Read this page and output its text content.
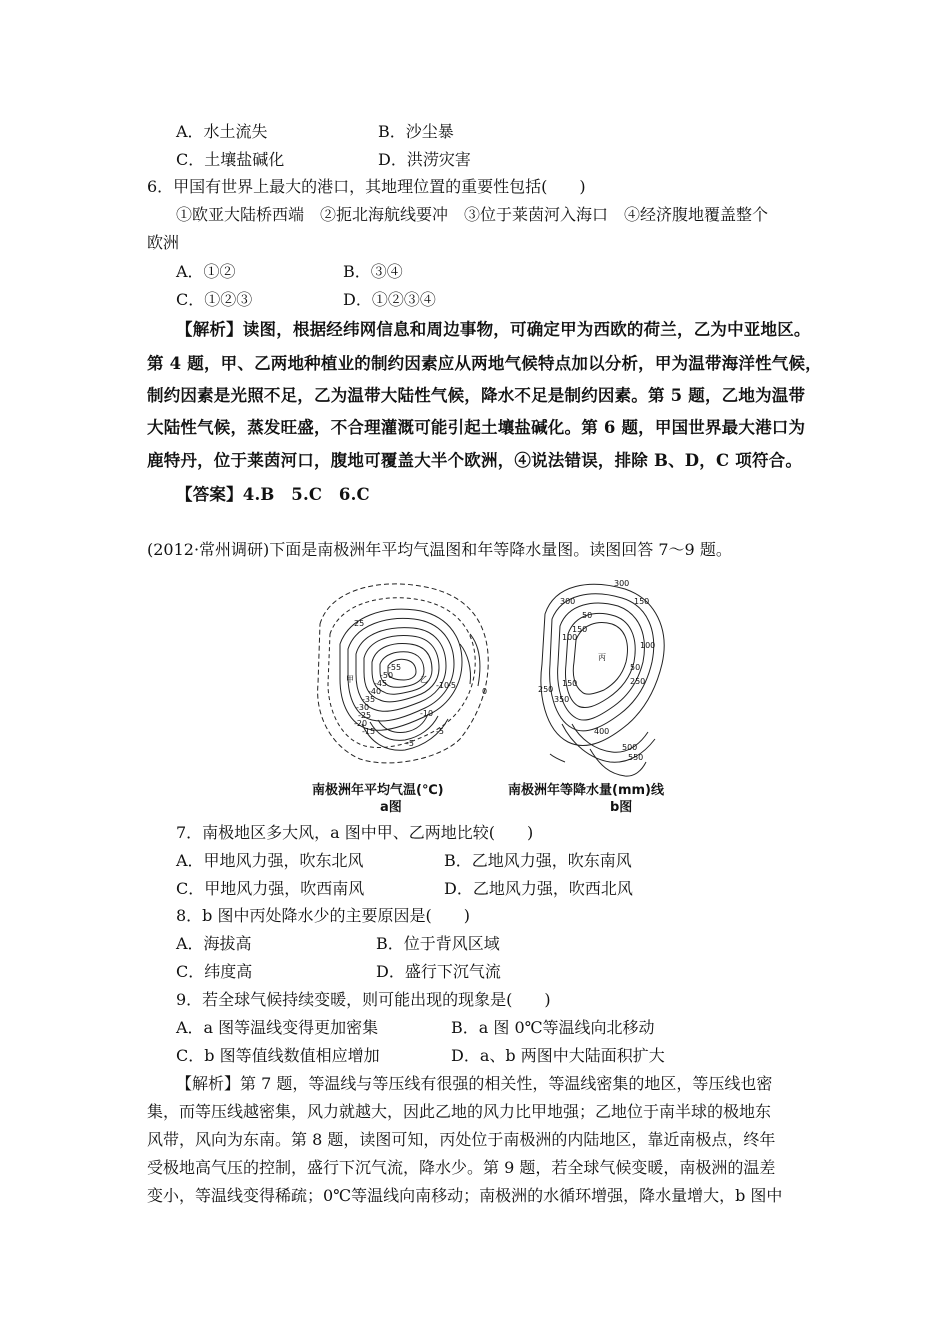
A．水土流失	B．沙尘暴
C．土壤盐碱化	D．洪涝灾害
6．甲国有世界上最大的港口，其地理位置的重要性包括(　　)
①欧亚大陆桥西端　②扼北海航线要冲　③位于莱茵河入海口　④经济腹地覆盖整个
欧洲
A．①②	B．③④
C．①②③	D．①②③④
【解析】读图，根据经纬网信息和周边事物，可确定甲为西欧的荷兰，乙为中亚地区。
第 4 题，甲、乙两地种植业的制约因素应从两地气候特点加以分析，甲为温带海洋性气候，
制约因素是光照不足，乙为温带大陆性气候，降水不足是制约因素。第 5 题，乙地为温带
大陆性气候，蒸发旺盛，不合理灌溉可能引起土壤盐碱化。第 6 题，甲国世界最大港口为
鹿特丹，位于莱茵河口，腹地可覆盖大半个欧洲，④说法错误，排除 B、D，C 项符合。
【答案】4.B　5.C　6.C
(2012·常州调研)下面是南极洲年平均气温图和年等降水量图。读图回答 7～9 题。
25
-55
-50
-45
-40
-35
-30
-25
-20
-15
-10
-5
0
甲	乙
-10
-5
-5
300
300
150
50
100
150
100
丙
50
250
150
350
250
400
500
550
南极洲年平均气温(℃)
a图
南极洲年等降水量(mm)线
b图
7．南极地区多大风，a 图中甲、乙两地比较(　　)
A．甲地风力强，吹东北风	B．乙地风力强，吹东南风
C．甲地风力强，吹西南风	D．乙地风力强，吹西北风
8．b 图中丙处降水少的主要原因是(　　)
A．海拔高	B．位于背风区域
C．纬度高	D．盛行下沉气流
9．若全球气候持续变暖，则可能出现的现象是(　　)
A．a 图等温线变得更加密集	B．a 图 0℃等温线向北移动
C．b 图等值线数值相应增加	D．a、b 两图中大陆面积扩大
【解析】第 7 题，等温线与等压线有很强的相关性，等温线密集的地区，等压线也密
集，而等压线越密集，风力就越大，因此乙地的风力比甲地强；乙地位于南半球的极地东
风带，风向为东南。第 8 题，读图可知，丙处位于南极洲的内陆地区，靠近南极点，终年
受极地高气压的控制，盛行下沉气流，降水少。第 9 题，若全球气候变暖，南极洲的温差
变小，等温线变得稀疏；0℃等温线向南移动；南极洲的水循环增强，降水量增大，b 图中
